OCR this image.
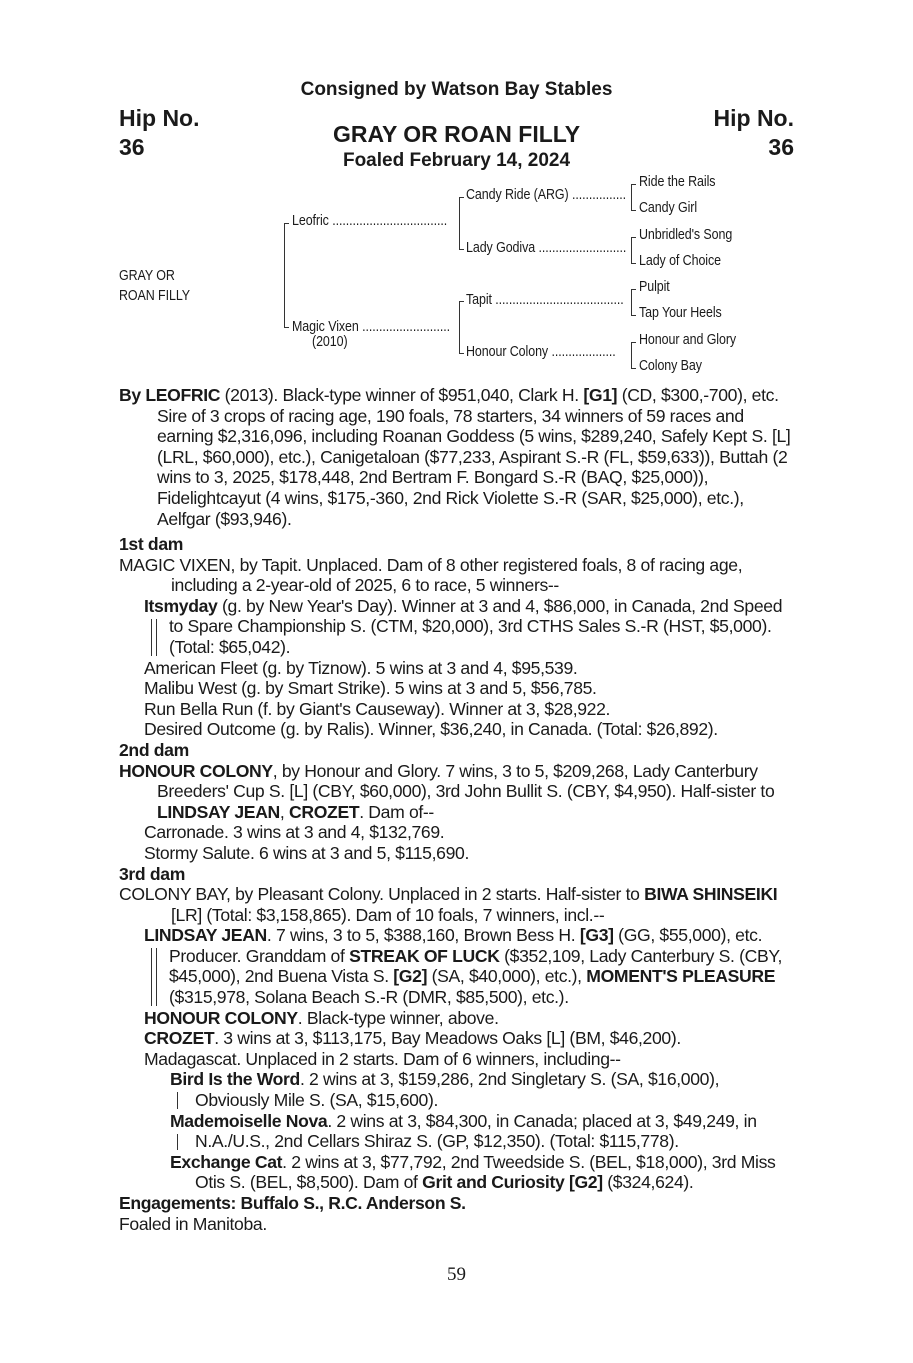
Consigned by Watson Bay Stables
Hip No.
36
Hip No.
36
GRAY OR ROAN FILLY
Foaled February 14, 2024
GRAY OR
ROAN FILLY
Leofric ..................................
Magic Vixen ..........................
(2010)
Candy Ride (ARG) ................
Lady Godiva ..........................
Tapit ......................................
Honour Colony ...................
Ride the Rails
Candy Girl
Unbridled's Song
Lady of Choice
Pulpit
Tap Your Heels
Honour and Glory
Colony Bay

By LEOFRIC (2013). Black-type winner of $951,040, Clark H. [G1] (CD, $300,-700), etc. Sire of 3 crops of racing age, 190 foals, 78 starters, 34 winners of 59 races and earning $2,316,096, including Roanan Goddess (5 wins, $289,240, Safely Kept S. [L] (LRL, $60,000), etc.), Canigetaloan ($77,233, Aspirant S.-R (FL, $59,633)), Buttah (2 wins to 3, 2025, $178,448, 2nd Bertram F. Bongard S.-R (BAQ, $25,000)), Fidelightcayut (4 wins, $175,-360, 2nd Rick Violette S.-R (SAR, $25,000), etc.), Aelfgar ($93,946).

1st dam

MAGIC VIXEN, by Tapit. Unplaced. Dam of 8 other registered foals, 8 of racing age, including a 2-year-old of 2025, 6 to race, 5 winners--

Itsmyday (g. by New Year's Day). Winner at 3 and 4, $86,000, in Canada, 2nd Speed to Spare Championship S. (CTM, $20,000), 3rd CTHS Sales S.-R (HST, $5,000). (Total: $65,042).

American Fleet (g. by Tiznow). 5 wins at 3 and 4, $95,539.

Malibu West (g. by Smart Strike). 5 wins at 3 and 5, $56,785.

Run Bella Run (f. by Giant's Causeway). Winner at 3, $28,922.

Desired Outcome (g. by Ralis). Winner, $36,240, in Canada. (Total: $26,892).

2nd dam

HONOUR COLONY, by Honour and Glory. 7 wins, 3 to 5, $209,268, Lady Canterbury Breeders' Cup S. [L] (CBY, $60,000), 3rd John Bullit S. (CBY, $4,950). Half-sister to LINDSAY JEAN, CROZET. Dam of--

Carronade. 3 wins at 3 and 4, $132,769.

Stormy Salute. 6 wins at 3 and 5, $115,690.

3rd dam

COLONY BAY, by Pleasant Colony. Unplaced in 2 starts. Half-sister to BIWA SHINSEIKI [LR] (Total: $3,158,865). Dam of 10 foals, 7 winners, incl.--

LINDSAY JEAN. 7 wins, 3 to 5, $388,160, Brown Bess H. [G3] (GG, $55,000), etc. Producer. Granddam of STREAK OF LUCK ($352,109, Lady Canterbury S. (CBY, $45,000), 2nd Buena Vista S. [G2] (SA, $40,000), etc.), MOMENT'S PLEASURE ($315,978, Solana Beach S.-R (DMR, $85,500), etc.).

HONOUR COLONY. Black-type winner, above.

CROZET. 3 wins at 3, $113,175, Bay Meadows Oaks [L] (BM, $46,200).

Madagascat. Unplaced in 2 starts. Dam of 6 winners, including--

Bird Is the Word. 2 wins at 3, $159,286, 2nd Singletary S. (SA, $16,000), Obviously Mile S. (SA, $15,600).

Mademoiselle Nova. 2 wins at 3, $84,300, in Canada; placed at 3, $49,249, in N.A./U.S., 2nd Cellars Shiraz S. (GP, $12,350). (Total: $115,778).

Exchange Cat. 2 wins at 3, $77,792, 2nd Tweedside S. (BEL, $18,000), 3rd Miss Otis S. (BEL, $8,500). Dam of Grit and Curiosity [G2] ($324,624).

Engagements: Buffalo S., R.C. Anderson S.

Foaled in Manitoba.

59
